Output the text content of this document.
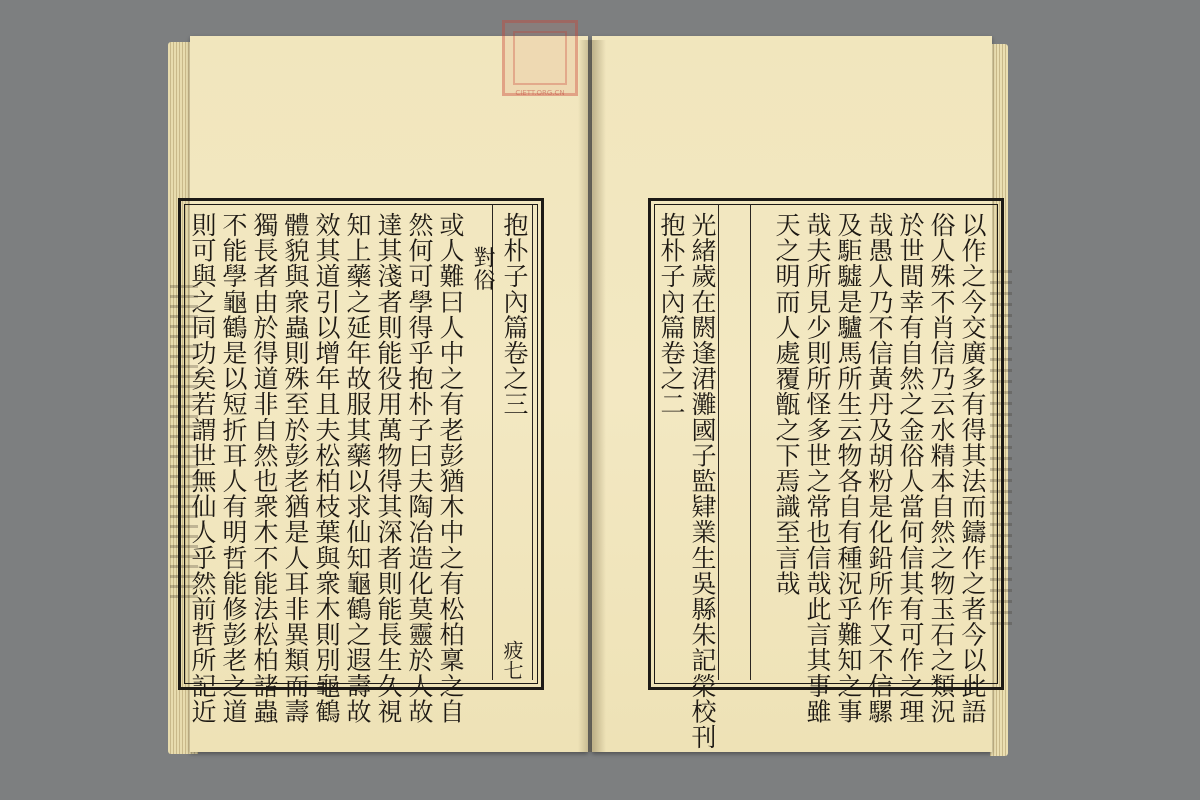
CIETT.ORG.CN
抱朴子內篇卷之三
疲七
對俗
或人難曰人中之有老彭猶木中之有松柏稟之自
然何可學得乎抱朴子曰夫陶冶造化莫靈於人故
達其淺者則能役用萬物得其深者則能長生久視
知上藥之延年故服其藥以求仙知龜鶴之遐壽故
效其道引以增年且夫松柏枝葉與衆木則別龜鶴
體貌與衆蟲則殊至於彭老猶是人耳非異類而壽
獨長者由於得道非自然也衆木不能法松柏諸蟲
不能學龜鶴是以短折耳人有明哲能修彭老之道
則可與之同功矣若謂世無仙人乎然前哲所記近	以作之今交廣多有得其法而鑄作之者今以此語
俗人殊不肖信乃云水精本自然之物玉石之類況
於世間幸有自然之金俗人當何信其有可作之理
哉愚人乃不信黃丹及胡粉是化鉛所作又不信騾
及駏驉是驢馬所生云物各自有種況乎難知之事
哉夫所見少則所怪多世之常也信哉此言其事雖
天之明而人處覆甑之下焉識至言哉
光緒歲在閼逢涒灘國子監肄業生吳縣朱記榮校刊
抱朴子內篇卷之二
